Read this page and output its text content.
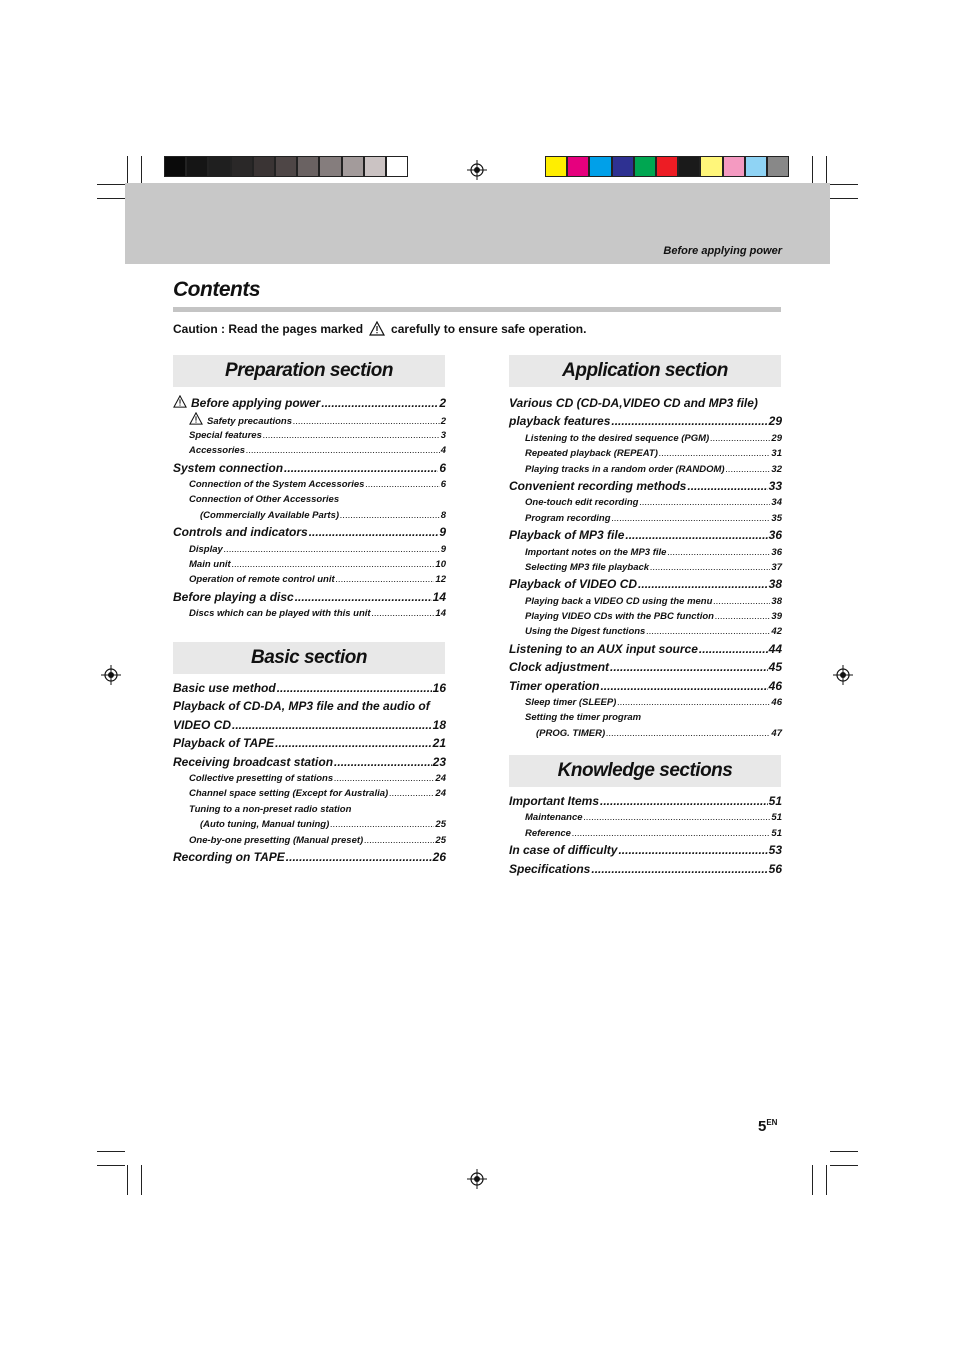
Before applying power
Contents
Caution : Read the pages marked carefully to ensure safe operation.
Preparation section
Basic section
Application section
Knowledge sections
Before applying power .....	2
Safety precautions .....	2
Special features .....	3
Accessories .....	4
System connection .....	6
Connection of the System Accessories .....	6
Connection of Other Accessories
(Commercially Available Parts) .....	8
Controls and indicators .....	9
Display .....	9
Main unit .....	10
Operation of remote control unit .....	12
Before playing a disc .....	14
Discs which can be played with this unit .....	14
Basic use method .....	16
Playback of CD-DA, MP3 file and the audio of
VIDEO CD .....	18
Playback of TAPE .....	21
Receiving broadcast station .....	23
Collective presetting of stations .....	24
Channel space setting (Except for Australia) .....	24
Tuning to a non-preset radio station
(Auto tuning, Manual tuning) .....	25
One-by-one presetting (Manual preset) .....	25
Recording on TAPE .....	26
Various CD (CD-DA,VIDEO CD and MP3 file)
playback features .....	29
Listening to the desired sequence (PGM) .....	29
Repeated playback (REPEAT) .....	31
Playing tracks in a random order (RANDOM) .....	32
Convenient recording methods .....	33
One-touch edit recording .....	34
Program recording .....	35
Playback of MP3 file .....	36
Important notes on the MP3 file .....	36
Selecting MP3 file playback .....	37
Playback of VIDEO CD .....	38
Playing back a VIDEO CD using the menu .....	38
Playing VIDEO CDs with the PBC function .....	39
Using the Digest functions .....	42
Listening to an AUX input source .....	44
Clock adjustment .....	45
Timer operation .....	46
Sleep timer (SLEEP) .....	46
Setting the timer program
(PROG. TIMER) .....	47
Important Items .....	51
Maintenance .....	51
Reference .....	51
In case of difficulty .....	53
Specifications .....	56
$5^{EN}$
